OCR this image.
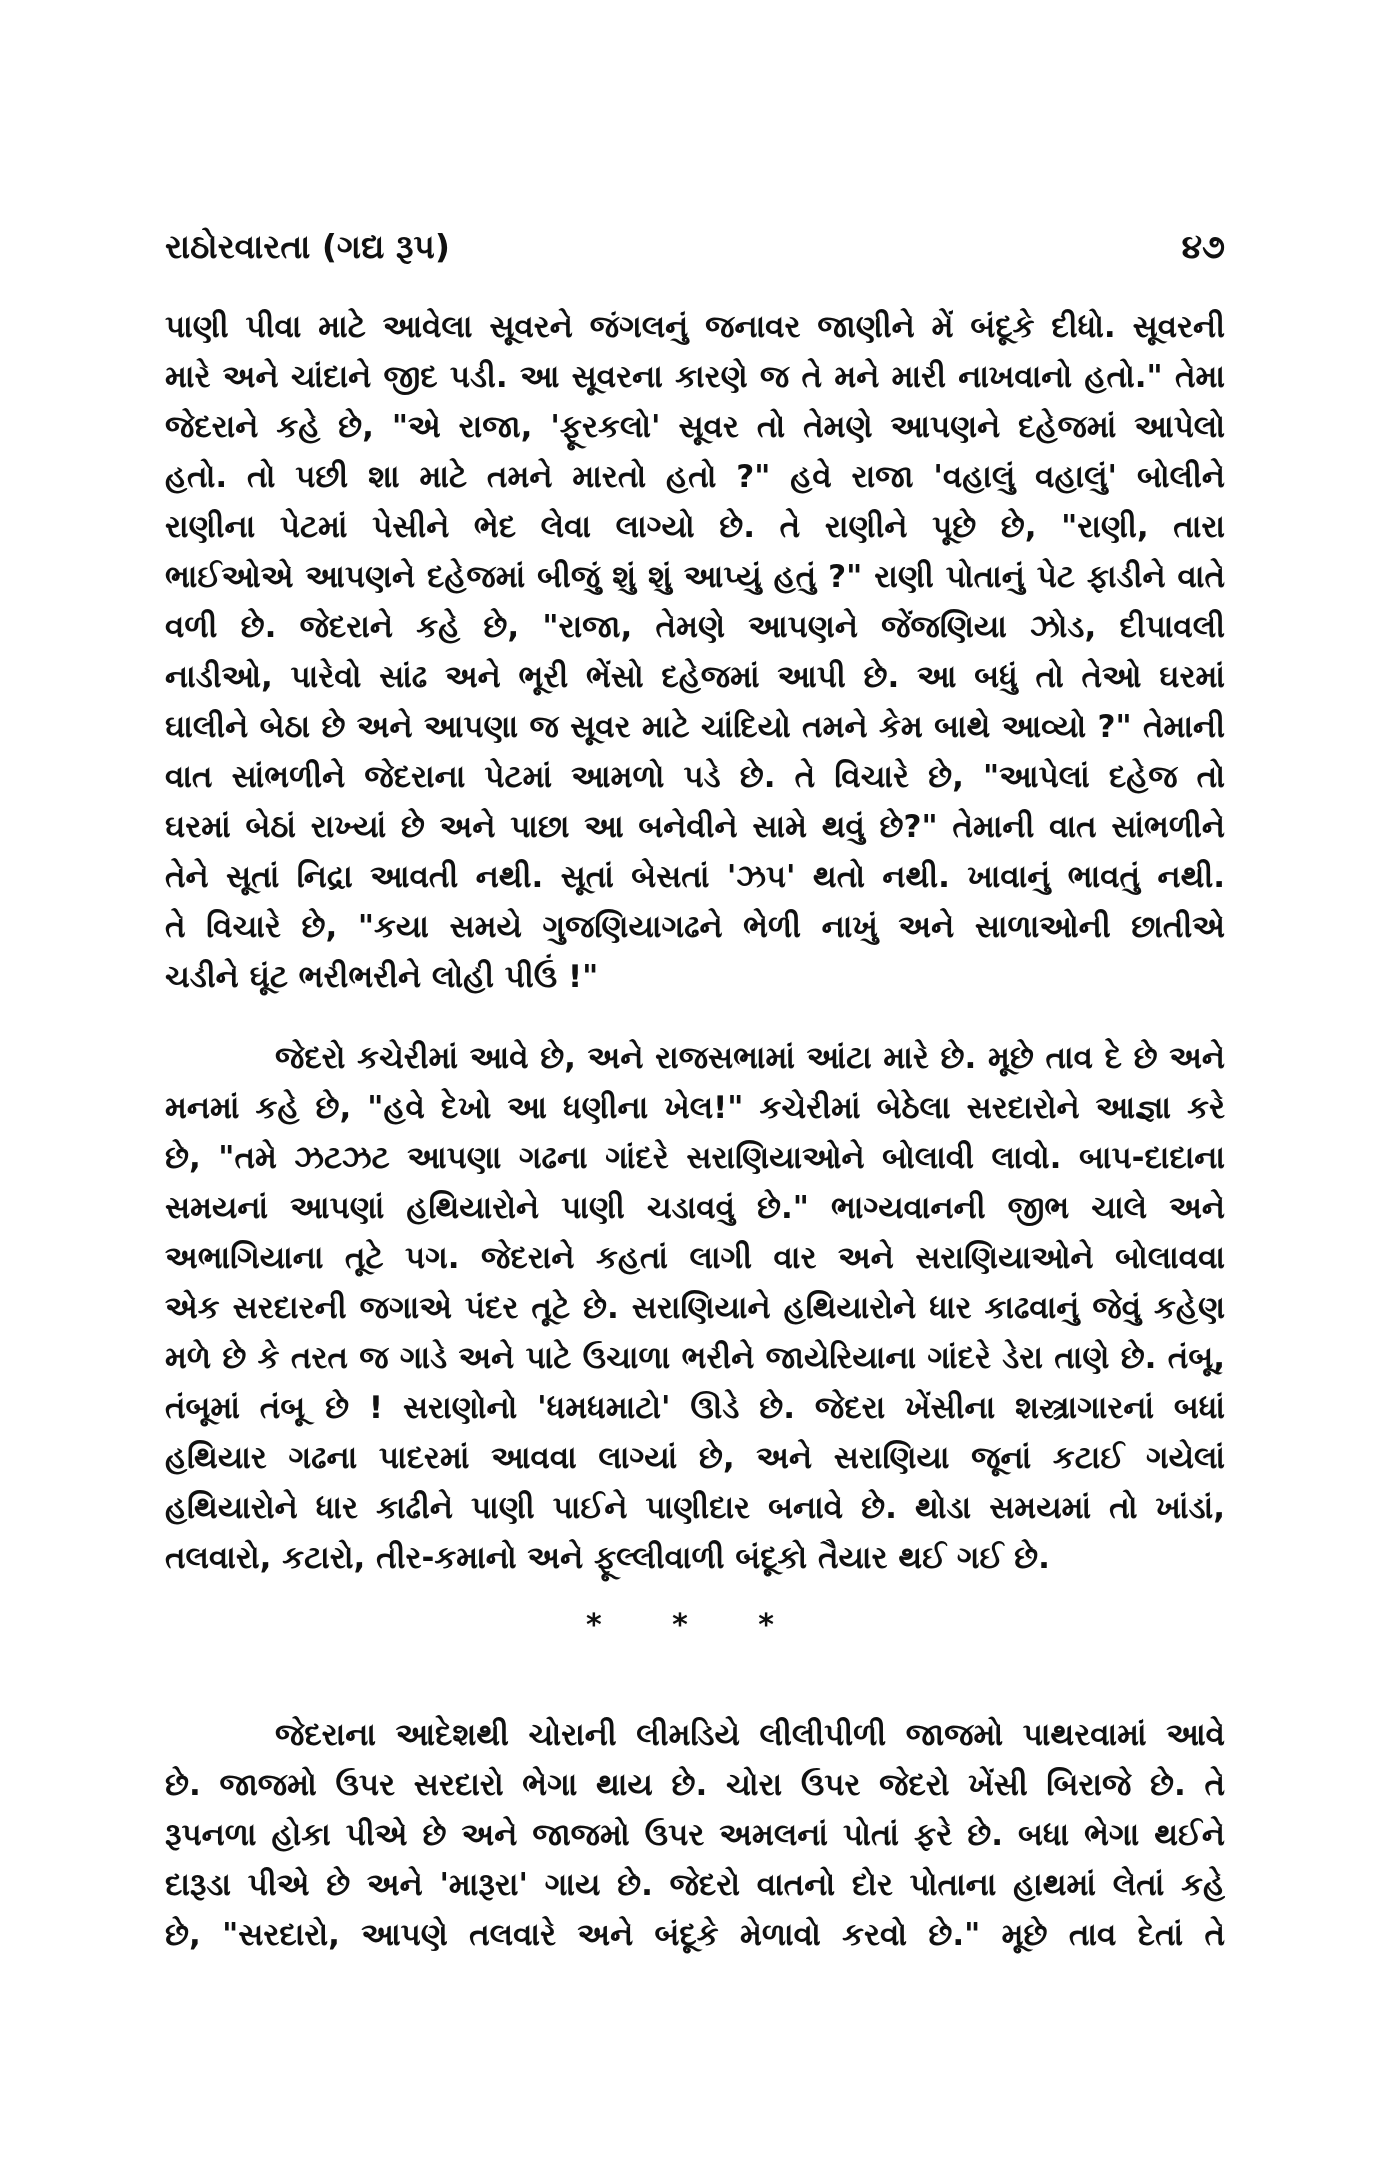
રાઠોરવારતા (ગદ્ય રૂપ)	૪૭
પાણી પીવા માટે આવેલા સૂવરને જંગલનું જનાવર જાણીને મેં બંદૂકે દીધો. સૂવરની
મારે અને ચાંદાને જીદ પડી. આ સૂવરના કારણે જ તે મને મારી નાખવાનો હતો." તેમા
જેદરાને કહે છે, "એ રાજા, 'ફૂરકલો' સૂવર તો તેમણે આપણને દહેજમાં આપેલો
હતો. તો પછી શા માટે તમને મારતો હતો ?" હવે રાજા 'વહાલું વહાલું' બોલીને
રાણીના પેટમાં પેસીને ભેદ લેવા લાગ્યો છે. તે રાણીને પૂછે છે, "રાણી, તારા
ભાઈઓએ આપણને દહેજમાં બીજું શું શું આપ્યું હતું ?" રાણી પોતાનું પેટ ફાડીને વાતે
વળી છે. જેદરાને કહે છે, "રાજા, તેમણે આપણને જેંજણિયા ઝોડ, દીપાવલી
નાડીઓ, પારેવો સાંઢ અને ભૂરી ભેંસો દહેજમાં આપી છે. આ બધું તો તેઓ ઘરમાં
ઘાલીને બેઠા છે અને આપણા જ સૂવર માટે ચાંદિયો તમને કેમ બાથે આવ્યો ?" તેમાની
વાત સાંભળીને જેદરાના પેટમાં આમળો પડે છે. તે વિચારે છે, "આપેલાં દહેજ તો
ઘરમાં બેઠાં રાખ્યાં છે અને પાછા આ બનેવીને સામે થવું છે?" તેમાની વાત સાંભળીને
તેને સૂતાં નિદ્રા આવતી નથી. સૂતાં બેસતાં 'ઝપ' થતો નથી. ખાવાનું ભાવતું નથી.
તે વિચારે છે, "કયા સમયે ગુજણિયાગઢને ભેળી નાખું અને સાળાઓની છાતીએ
ચડીને ઘૂંટ ભરીભરીને લોહી પીઉં !"
જેદરો કચેરીમાં આવે છે, અને રાજસભામાં આંટા મારે છે. મૂછે તાવ દે છે અને
મનમાં કહે છે, "હવે દેખો આ ધણીના ખેલ!" કચેરીમાં બેઠેલા સરદારોને આજ્ઞા કરે
છે, "તમે ઝટઝટ આપણા ગઢના ગાંદરે સરાણિયાઓને બોલાવી લાવો. બાપ-દાદાના
સમયનાં આપણાં હથિયારોને પાણી ચડાવવું છે." ભાગ્યવાનની જીભ ચાલે અને
અભાગિયાના તૂટે પગ. જેદરાને કહતાં લાગી વાર અને સરાણિયાઓને બોલાવવા
એક સરદારની જગાએ પંદર તૂટે છે. સરાણિયાને હથિયારોને ધાર કાઢવાનું જેવું કહેણ
મળે છે કે તરત જ ગાડે અને પાટે ઉચાળા ભરીને જાયેરિયાના ગાંદરે ડેરા તાણે છે. તંબૂ,
તંબૂમાં તંબૂ છે ! સરાણોનો 'ધમધમાટો' ઊડે છે. જેદરા ખેંસીના શસ્ત્રાગારનાં બધાં
હથિયાર ગઢના પાદરમાં આવવા લાગ્યાં છે, અને સરાણિયા જૂનાં કટાઈ ગયેલાં
હથિયારોને ધાર કાઢીને પાણી પાઈને પાણીદાર બનાવે છે. થોડા સમયમાં તો ખાંડાં,
તલવારો, કટારો, તીર-કમાનો અને ફૂલ્લીવાળી બંદૂકો તૈયાર થઈ ગઈ છે.
* * *
જેદરાના આદેશથી ચોરાની લીમડિયે લીલીપીળી જાજમો પાથરવામાં આવે
છે. જાજમો ઉપર સરદારો ભેગા થાય છે. ચોરા ઉપર જેદરો ખેંસી બિરાજે છે. તે
રૂપનળા હોકા પીએ છે અને જાજમો ઉપર અમલનાં પોતાં ફરે છે. બધા ભેગા થઈને
દારૂડા પીએ છે અને 'મારૂરા' ગાય છે. જેદરો વાતનો દોર પોતાના હાથમાં લેતાં કહે
છે, "સરદારો, આપણે તલવારે અને બંદૂકે મેળાવો કરવો છે." મૂછે તાવ દેતાં તે
